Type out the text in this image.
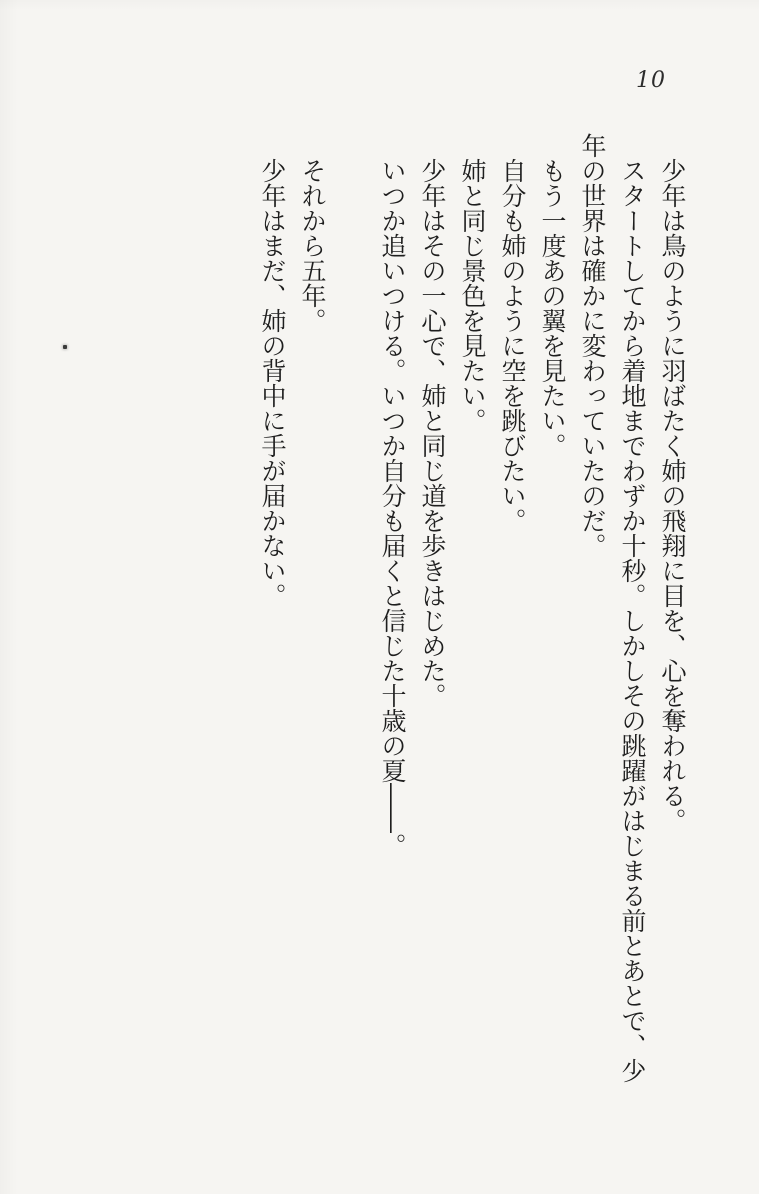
10

少年は鳥のように羽ばたく姉の飛翔に目を、心を奪われる。

スタートしてから着地までわずか十秒。しかしその跳躍がはじまる前とあとで、少年の世界は確かに変わっていたのだ。

もう一度あの翼を見たい。

自分も姉のように空を跳びたい。

姉と同じ景色を見たい。

少年はその一心で、姉と同じ道を歩きはじめた。

いつか追いつける。いつか自分も届くと信じた十歳の夏――。

それから五年。

少年はまだ、姉の背中に手が届かない。
